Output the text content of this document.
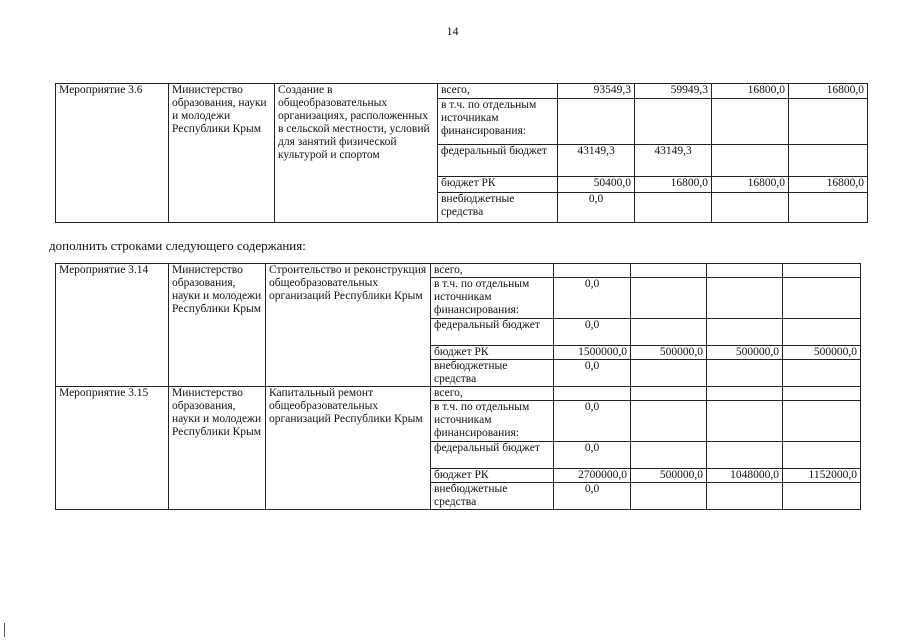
14
Мероприятие 3.6	Министерство образования, науки и молодежи Республики Крым	Создание в общеобразовательных организациях, расположенных в сельской местности, условий для занятий физической культурой и спортом	всего,	93549,3	59949,3	16800,0	16800,0
			в т.ч. по отдельным источникам финансирования:				
			федеральный бюджет	43149,3	43149,3		
			бюджет РК	50400,0	16800,0	16800,0	16800,0
			внебюджетные средства	0,0			
дополнить строками следующего содержания:
Мероприятие 3.14	Министерство образования, науки и молодежи Республики Крым	Строительство и реконструкция общеобразовательных организаций Республики Крым	всего,				
			в т.ч. по отдельным источникам финансирования:	0,0			
			федеральный бюджет	0,0			
			бюджет РК	1500000,0	500000,0	500000,0	500000,0
			внебюджетные средства	0,0			
Мероприятие 3.15	Министерство образования, науки и молодежи Республики Крым	Капитальный ремонт общеобразовательных организаций Республики Крым	всего,				
			в т.ч. по отдельным источникам финансирования:	0,0			
			федеральный бюджет	0,0			
			бюджет РК	2700000,0	500000,0	1048000,0	1152000,0
			внебюджетные средства	0,0			
